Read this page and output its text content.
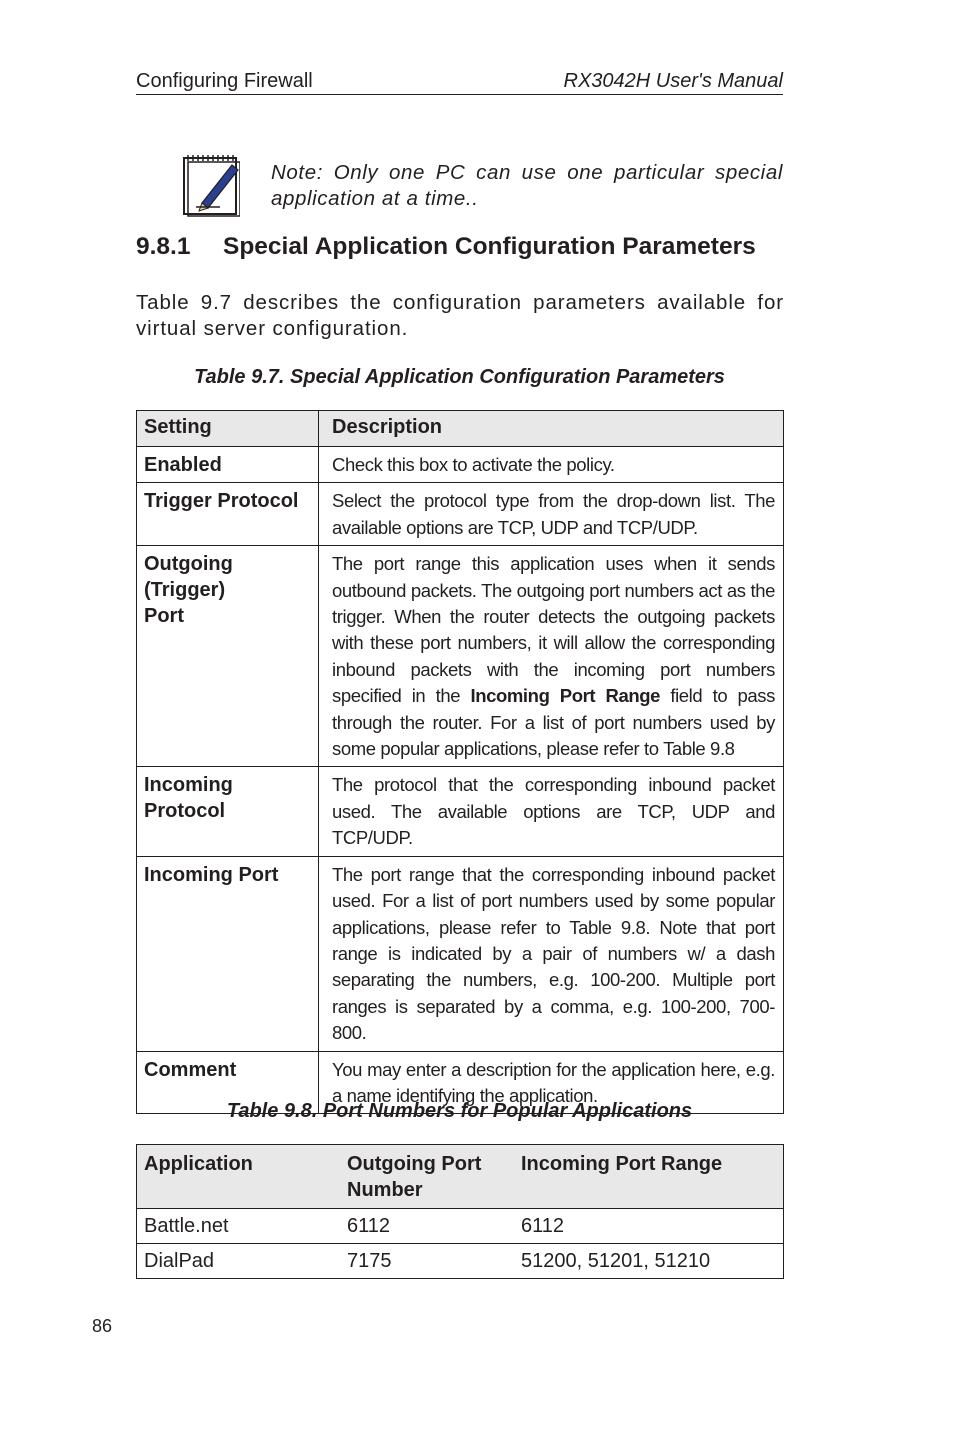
Configuring Firewall	RX3042H User's Manual
Note: Only one PC can use one particular special application at a time..
9.8.1 Special Application Configuration Parameters
Table 9.7 describes the configuration parameters available for virtual server configuration.
Table 9.7. Special Application Configuration Parameters
Setting	Description
Enabled	Check this box to activate the policy.
Trigger Protocol	Select the protocol type from the drop-down list. The available options are TCP, UDP and TCP/UDP.

Outgoing (Trigger) Port	The port range this application uses when it sends outbound packets. The outgoing port numbers act as the trigger. When the router detects the outgoing packets with these port numbers, it will allow the corresponding inbound packets with the incoming port numbers specified in the Incoming Port Range field to pass through the router. For a list of port numbers used by some popular applications, please refer to Table 9.8

Incoming Protocol	The protocol that the corresponding inbound packet used. The available options are TCP, UDP and TCP/UDP.
Incoming Port	The port range that the corresponding inbound packet used. For a list of port numbers used by some popular applications, please refer to Table 9.8. Note that port range is indicated by a pair of numbers w/ a dash separating the numbers, e.g. 100-200. Multiple port ranges is separated by a comma, e.g. 100-200, 700-800.
Comment	You may enter a description for the application here, e.g. a name identifying the application.
Table 9.8. Port Numbers for Popular Applications
Application	Outgoing Port Number	Incoming Port Range
Battle.net	6112	6112
DialPad	7175	51200, 51201, 51210
86
